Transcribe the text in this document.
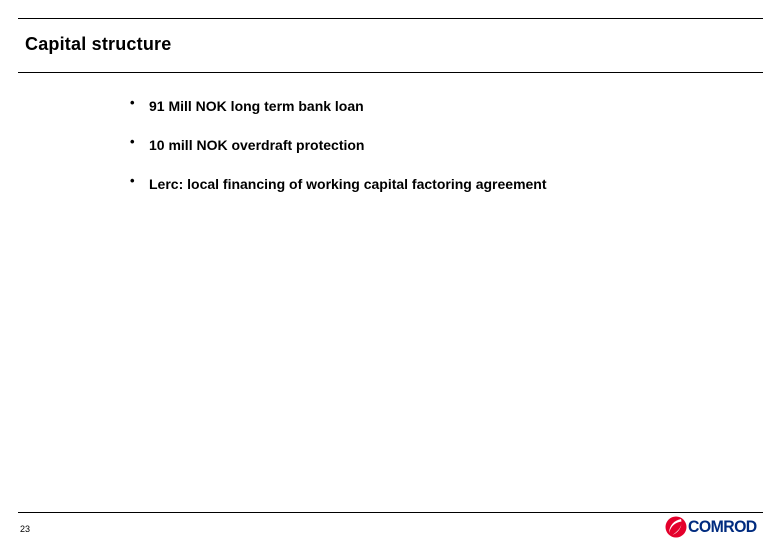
Capital structure
• 91 Mill NOK long term bank loan
• 10 mill NOK overdraft protection
• Lerc: local financing of working capital factoring agreement
23	COMROD
